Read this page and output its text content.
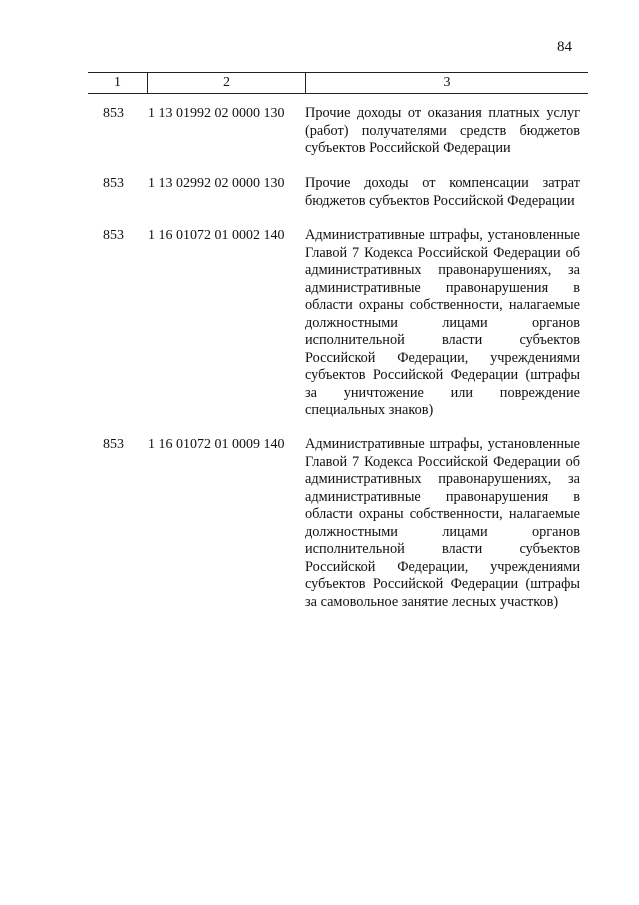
84
1	2	3
853	1 13 01992 02 0000 130	Прочие доходы от оказания платных услуг (работ) получателями средств бюджетов субъектов Российской Федерации
853	1 13 02992 02 0000 130	Прочие доходы от компенсации затрат бюджетов субъектов Российской Федерации
853	1 16 01072 01 0002 140	Административные штрафы, установленные Главой 7 Кодекса Российской Федерации об административных правонарушениях, за административные правонарушения в области охраны собственности, налагаемые должностными лицами органов исполнительной власти субъектов Российской Федерации, учреждениями субъектов Российской Федерации (штрафы за уничтожение или повреждение специальных знаков)
853	1 16 01072 01 0009 140	Административные штрафы, установленные Главой 7 Кодекса Российской Федерации об административных правонарушениях, за административные правонарушения в области охраны собственности, налагаемые должностными лицами органов исполнительной власти субъектов Российской Федерации, учреждениями субъектов Российской Федерации (штрафы за самовольное занятие лесных участков)
